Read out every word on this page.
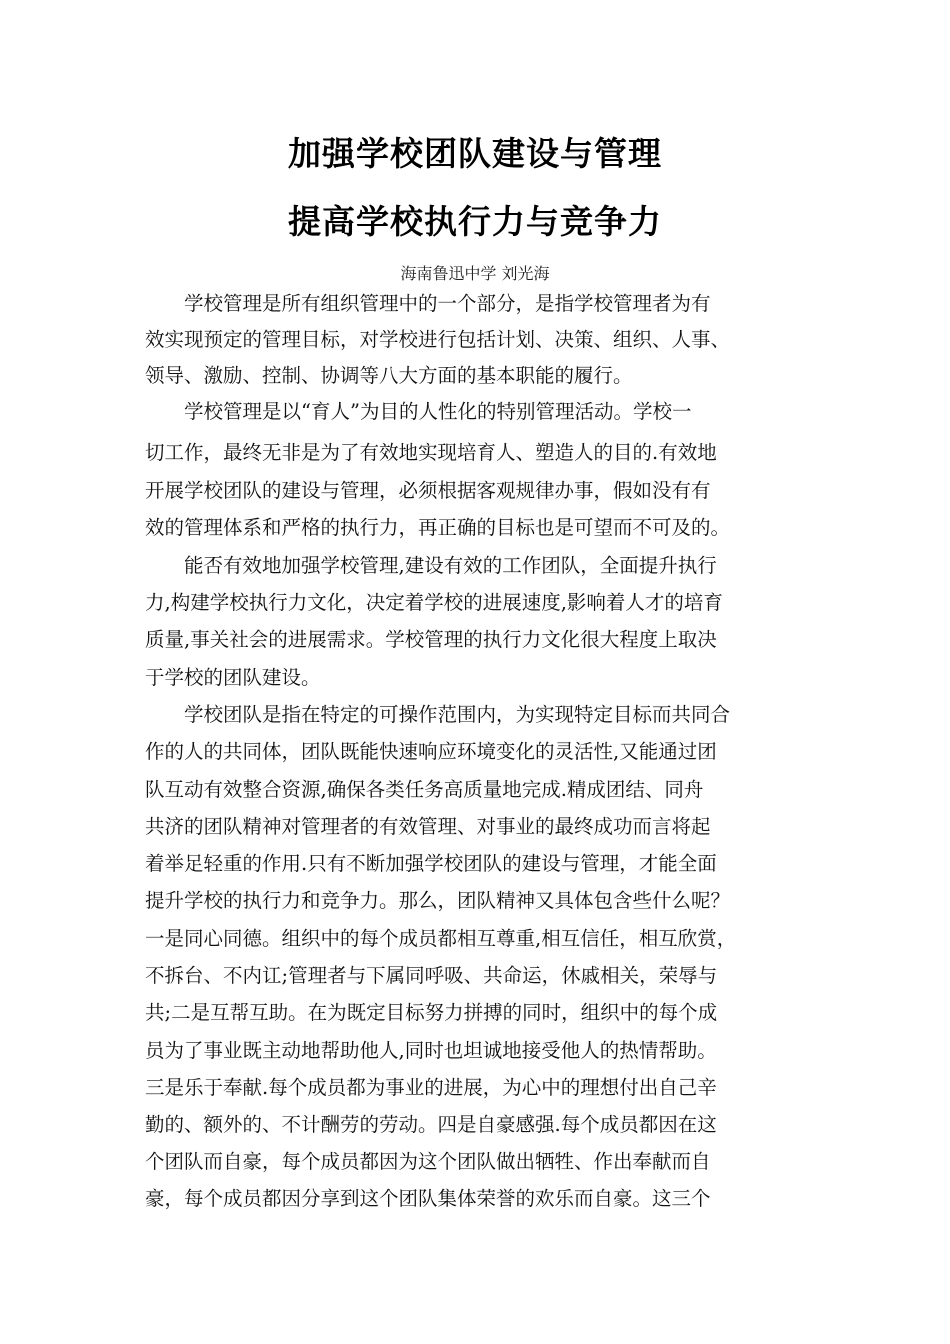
加强学校团队建设与管理
提高学校执行力与竞争力
海南鲁迅中学 刘光海
　　学校管理是所有组织管理中的一个部分，是指学校管理者为有
效实现预定的管理目标，对学校进行包括计划、决策、组织、人事、
领导、激励、控制、协调等八大方面的基本职能的履行。
　　学校管理是以“育人”为目的人性化的特别管理活动。学校一
切工作，最终无非是为了有效地实现培育人、塑造人的目的.有效地
开展学校团队的建设与管理，必须根据客观规律办事，假如没有有
效的管理体系和严格的执行力，再正确的目标也是可望而不可及的。
　　能否有效地加强学校管理,建设有效的工作团队，全面提升执行
力,构建学校执行力文化，决定着学校的进展速度,影响着人才的培育
质量,事关社会的进展需求。学校管理的执行力文化很大程度上取决
于学校的团队建设。
　　学校团队是指在特定的可操作范围内，为实现特定目标而共同合
作的人的共同体，团队既能快速响应环境变化的灵活性,又能通过团
队互动有效整合资源,确保各类任务高质量地完成.精成团结、同舟
共济的团队精神对管理者的有效管理、对事业的最终成功而言将起
着举足轻重的作用.只有不断加强学校团队的建设与管理，才能全面
提升学校的执行力和竞争力。那么，团队精神又具体包含些什么呢？
一是同心同德。组织中的每个成员都相互尊重,相互信任，相互欣赏，
不拆台、不内讧;管理者与下属同呼吸、共命运，休戚相关，荣辱与
共;二是互帮互助。在为既定目标努力拼搏的同时，组织中的每个成
员为了事业既主动地帮助他人,同时也坦诚地接受他人的热情帮助。
三是乐于奉献.每个成员都为事业的进展，为心中的理想付出自己辛
勤的、额外的、不计酬劳的劳动。四是自豪感强.每个成员都因在这
个团队而自豪，每个成员都因为这个团队做出牺牲、作出奉献而自
豪，每个成员都因分享到这个团队集体荣誉的欢乐而自豪。这三个
